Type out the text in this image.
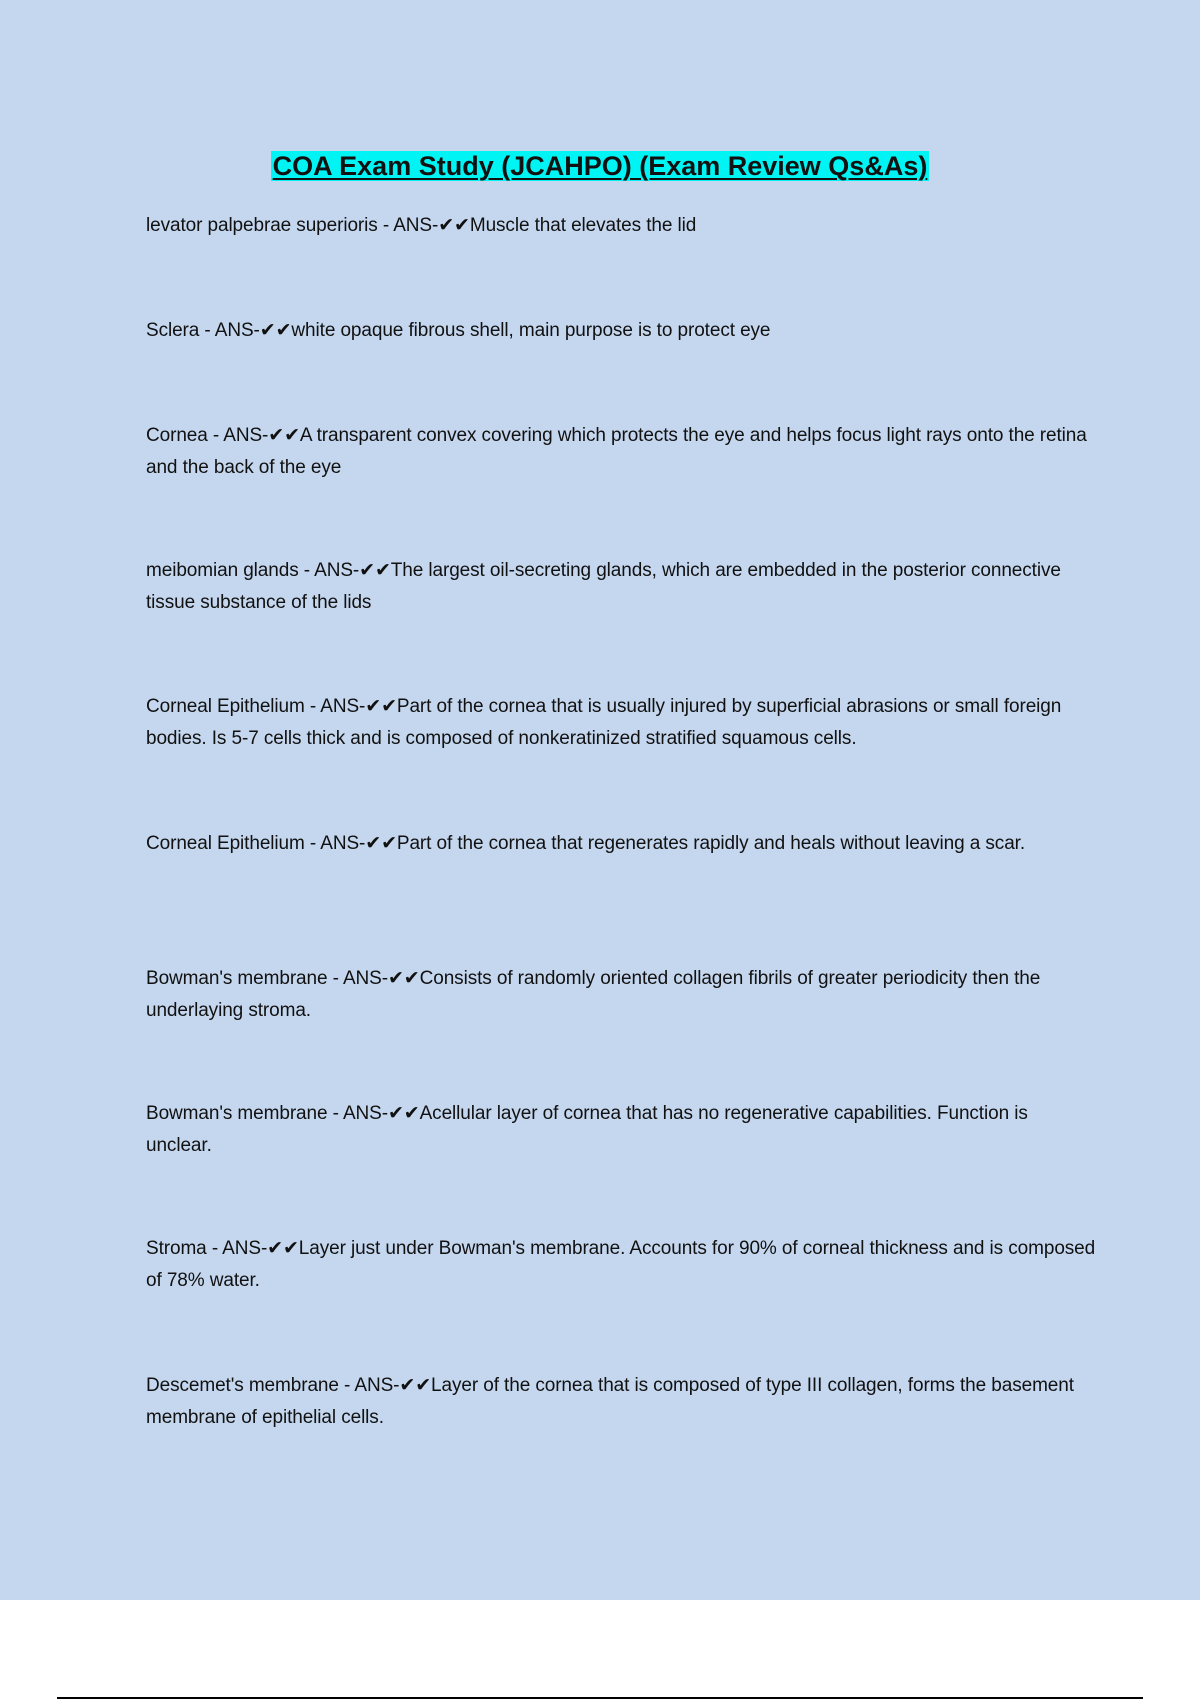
COA Exam Study (JCAHPO) (Exam Review Qs&As)

levator palpebrae superioris - ANS-✔✔Muscle that elevates the lid

Sclera - ANS-✔✔white opaque fibrous shell, main purpose is to protect eye

Cornea - ANS-✔✔A transparent convex covering which protects the eye and helps focus light rays onto the retina and the back of the eye

meibomian glands - ANS-✔✔The largest oil-secreting glands, which are embedded in the posterior connective tissue substance of the lids

Corneal Epithelium - ANS-✔✔Part of the cornea that is usually injured by superficial abrasions or small foreign bodies. Is 5-7 cells thick and is composed of nonkeratinized stratified squamous cells.

Corneal Epithelium - ANS-✔✔Part of the cornea that regenerates rapidly and heals without leaving a scar.

Bowman's membrane - ANS-✔✔Consists of randomly oriented collagen fibrils of greater periodicity then the underlaying stroma.

Bowman's membrane - ANS-✔✔Acellular layer of cornea that has no regenerative capabilities. Function is unclear.

Stroma - ANS-✔✔Layer just under Bowman's membrane. Accounts for 90% of corneal thickness and is composed of 78% water.

Descemet's membrane - ANS-✔✔Layer of the cornea that is composed of type III collagen, forms the basement membrane of epithelial cells.
